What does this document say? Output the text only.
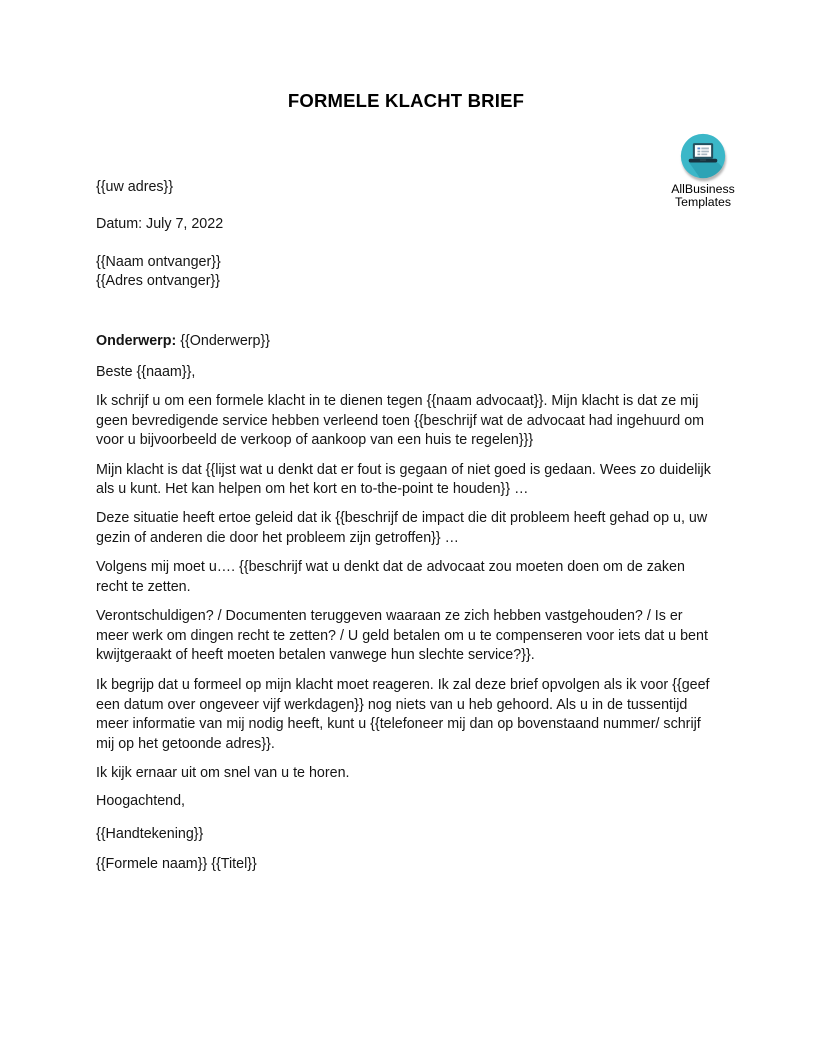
AllBusiness
Templates
FORMELE KLACHT BRIEF

{{uw adres}}

Datum: July 7, 2022

{{Naam ontvanger}}
{{Adres ontvanger}}

Onderwerp: {{Onderwerp}}

Beste {{naam}},

Ik schrijf u om een formele klacht in te dienen tegen {{naam advocaat}}. Mijn klacht is dat ze mij geen bevredigende service hebben verleend toen {{beschrijf wat de advocaat had ingehuurd om voor u bijvoorbeeld de verkoop of aankoop van een huis te regelen}}}

Mijn klacht is dat {{lijst wat u denkt dat er fout is gegaan of niet goed is gedaan. Wees zo duidelijk als u kunt. Het kan helpen om het kort en to-the-point te houden}} …

Deze situatie heeft ertoe geleid dat ik {{beschrijf de impact die dit probleem heeft gehad op u, uw gezin of anderen die door het probleem zijn getroffen}} …

Volgens mij moet u…. {{beschrijf wat u denkt dat de advocaat zou moeten doen om de zaken recht te zetten.

Verontschuldigen? / Documenten teruggeven waaraan ze zich hebben vastgehouden? / Is er meer werk om dingen recht te zetten? / U geld betalen om u te compenseren voor iets dat u bent kwijtgeraakt of heeft moeten betalen vanwege hun slechte service?}}.

Ik begrijp dat u formeel op mijn klacht moet reageren. Ik zal deze brief opvolgen als ik voor {{geef een datum over ongeveer vijf werkdagen}} nog niets van u heb gehoord. Als u in de tussentijd meer informatie van mij nodig heeft, kunt u {{telefoneer mij dan op bovenstaand nummer/ schrijf mij op het getoonde adres}}.

Ik kijk ernaar uit om snel van u te horen.

Hoogachtend,

{{Handtekening}}

{{Formele naam}} {{Titel}}
